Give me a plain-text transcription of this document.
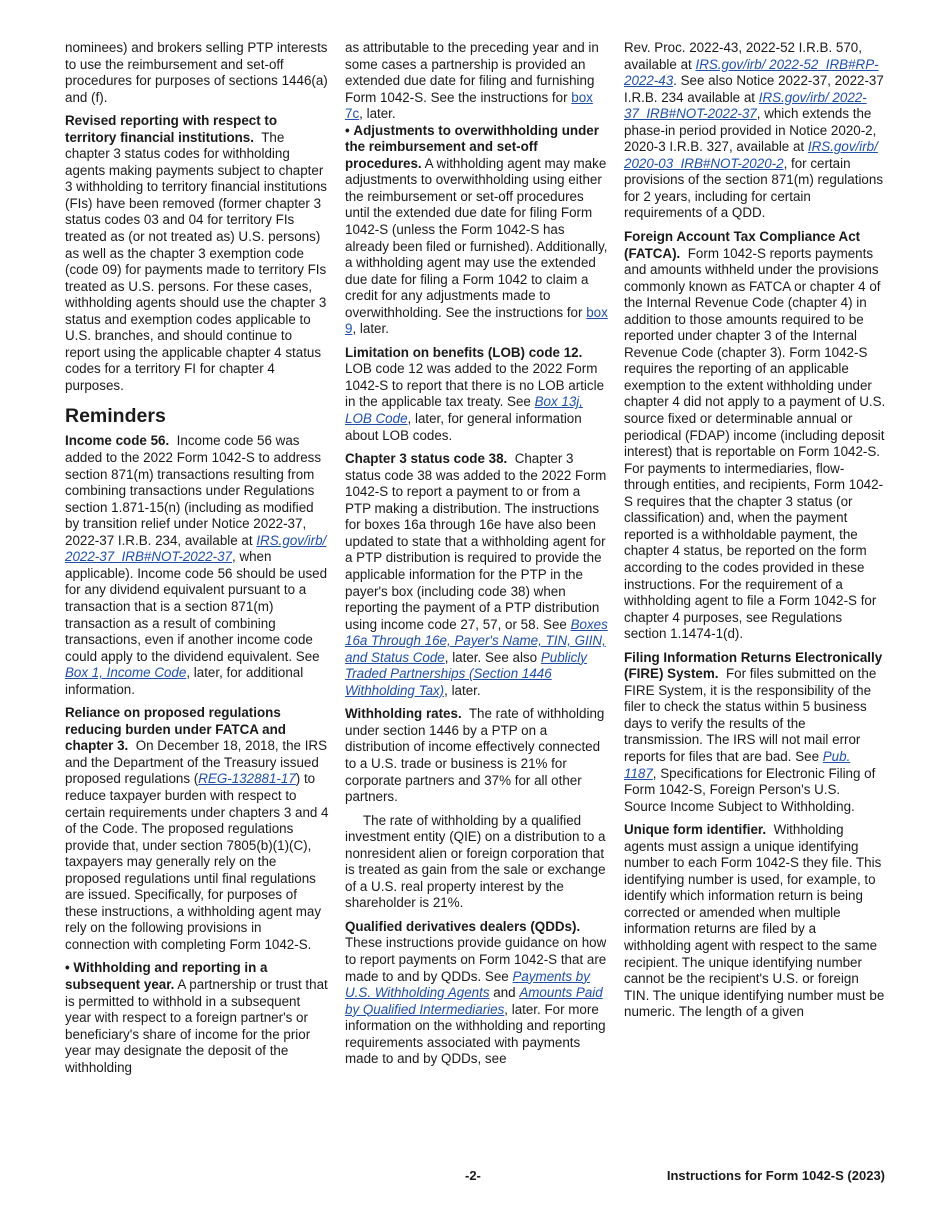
nominees) and brokers selling PTP interests to use the reimbursement and set-off procedures for purposes of sections 1446(a) and (f).

Revised reporting with respect to territory financial institutions. The chapter 3 status codes for withholding agents making payments subject to chapter 3 withholding to territory financial institutions (FIs) have been removed (former chapter 3 status codes 03 and 04 for territory FIs treated as (or not treated as) U.S. persons) as well as the chapter 3 exemption code (code 09) for payments made to territory FIs treated as U.S. persons. For these cases, withholding agents should use the chapter 3 status and exemption codes applicable to U.S. branches, and should continue to report using the applicable chapter 4 status codes for a territory FI for chapter 4 purposes.

Reminders

Income code 56. Income code 56 was added to the 2022 Form 1042-S to address section 871(m) transactions resulting from combining transactions under Regulations section 1.871-15(n) (including as modified by transition relief under Notice 2022-37, 2022-37 I.R.B. 234, available at IRS.gov/irb/ 2022-37_IRB#NOT-2022-37, when applicable). Income code 56 should be used for any dividend equivalent pursuant to a transaction that is a section 871(m) transaction as a result of combining transactions, even if another income code could apply to the dividend equivalent. See Box 1, Income Code, later, for additional information.

Reliance on proposed regulations reducing burden under FATCA and chapter 3. On December 18, 2018, the IRS and the Department of the Treasury issued proposed regulations (REG-132881-17) to reduce taxpayer burden with respect to certain requirements under chapters 3 and 4 of the Code. The proposed regulations provide that, under section 7805(b)(1)(C), taxpayers may generally rely on the proposed regulations until final regulations are issued. Specifically, for purposes of these instructions, a withholding agent may rely on the following provisions in connection with completing Form 1042-S.

• Withholding and reporting in a subsequent year. A partnership or trust that is permitted to withhold in a subsequent year with respect to a foreign partner's or beneficiary's share of income for the prior year may designate the deposit of the withholding

as attributable to the preceding year and in some cases a partnership is provided an extended due date for filing and furnishing Form 1042-S. See the instructions for box 7c, later.

• Adjustments to overwithholding under the reimbursement and set-off procedures. A withholding agent may make adjustments to overwithholding using either the reimbursement or set-off procedures until the extended due date for filing Form 1042-S (unless the Form 1042-S has already been filed or furnished). Additionally, a withholding agent may use the extended due date for filing a Form 1042 to claim a credit for any adjustments made to overwithholding. See the instructions for box 9, later.

Limitation on benefits (LOB) code 12.  LOB code 12 was added to the 2022 Form 1042-S to report that there is no LOB article in the applicable tax treaty. See Box 13j, LOB Code, later, for general information about LOB codes.

Chapter 3 status code 38. Chapter 3 status code 38 was added to the 2022 Form 1042-S to report a payment to or from a PTP making a distribution. The instructions for boxes 16a through 16e have also been updated to state that a withholding agent for a PTP distribution is required to provide the applicable information for the PTP in the payer's box (including code 38) when reporting the payment of a PTP distribution using income code 27, 57, or 58. See Boxes 16a Through 16e, Payer's Name, TIN, GIIN, and Status Code, later. See also Publicly Traded Partnerships (Section 1446 Withholding Tax), later.

Withholding rates. The rate of withholding under section 1446 by a PTP on a distribution of income effectively connected to a U.S. trade or business is 21% for corporate partners and 37% for all other partners.

The rate of withholding by a qualified investment entity (QIE) on a distribution to a nonresident alien or foreign corporation that is treated as gain from the sale or exchange of a U.S. real property interest by the shareholder is 21%.

Qualified derivatives dealers (QDDs).  These instructions provide guidance on how to report payments on Form 1042-S that are made to and by QDDs. See Payments by U.S. Withholding Agents and Amounts Paid by Qualified Intermediaries, later. For more information on the withholding and reporting requirements associated with payments made to and by QDDs, see

Rev. Proc. 2022-43, 2022-52 I.R.B. 570, available at IRS.gov/irb/ 2022-52_IRB#RP-2022-43. See also Notice 2022-37, 2022-37 I.R.B. 234 available at IRS.gov/irb/ 2022-37_IRB#NOT-2022-37, which extends the phase-in period provided in Notice 2020-2, 2020-3 I.R.B. 327, available at IRS.gov/irb/ 2020-03_IRB#NOT-2020-2, for certain provisions of the section 871(m) regulations for 2 years, including for certain requirements of a QDD.

Foreign Account Tax Compliance Act (FATCA). Form 1042-S reports payments and amounts withheld under the provisions commonly known as FATCA or chapter 4 of the Internal Revenue Code (chapter 4) in addition to those amounts required to be reported under chapter 3 of the Internal Revenue Code (chapter 3). Form 1042-S requires the reporting of an applicable exemption to the extent withholding under chapter 4 did not apply to a payment of U.S. source fixed or determinable annual or periodical (FDAP) income (including deposit interest) that is reportable on Form 1042-S. For payments to intermediaries, flow-through entities, and recipients, Form 1042-S requires that the chapter 3 status (or classification) and, when the payment reported is a withholdable payment, the chapter 4 status, be reported on the form according to the codes provided in these instructions. For the requirement of a withholding agent to file a Form 1042-S for chapter 4 purposes, see Regulations section 1.1474-1(d).

Filing Information Returns Electronically (FIRE) System. For files submitted on the FIRE System, it is the responsibility of the filer to check the status within 5 business days to verify the results of the transmission. The IRS will not mail error reports for files that are bad. See Pub. 1187, Specifications for Electronic Filing of Form 1042-S, Foreign Person's U.S. Source Income Subject to Withholding.

Unique form identifier. Withholding agents must assign a unique identifying number to each Form 1042-S they file. This identifying number is used, for example, to identify which information return is being corrected or amended when multiple information returns are filed by a withholding agent with respect to the same recipient. The unique identifying number cannot be the recipient's U.S. or foreign TIN. The unique identifying number must be numeric. The length of a given

-2-	Instructions for Form 1042-S (2023)
